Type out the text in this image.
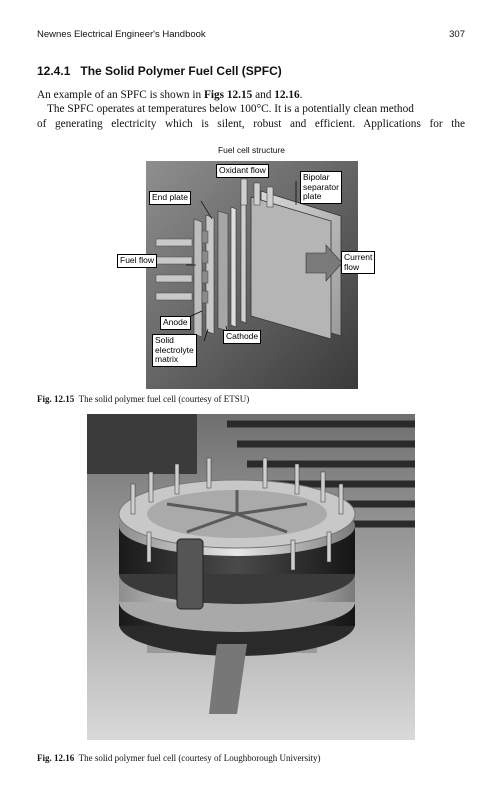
Newnes Electrical Engineer's Handbook	307
12.4.1 The Solid Polymer Fuel Cell (SPFC)
An example of an SPFC is shown in Figs 12.15 and 12.16.
The SPFC operates at temperatures below 100°C. It is a potentially clean method
of generating electricity which is silent, robust and efficient. Applications for the
Fuel cell structure
Oxidant flow
Bipolar
separator
plate
End plate
Fuel flow	Current
flow
Anode
Cathode
Solid
electrolyte
matrix
Fig. 12.15 The solid polymer fuel cell (courtesy of ETSU)
Fig. 12.16 The solid polymer fuel cell (courtesy of Loughborough University)
